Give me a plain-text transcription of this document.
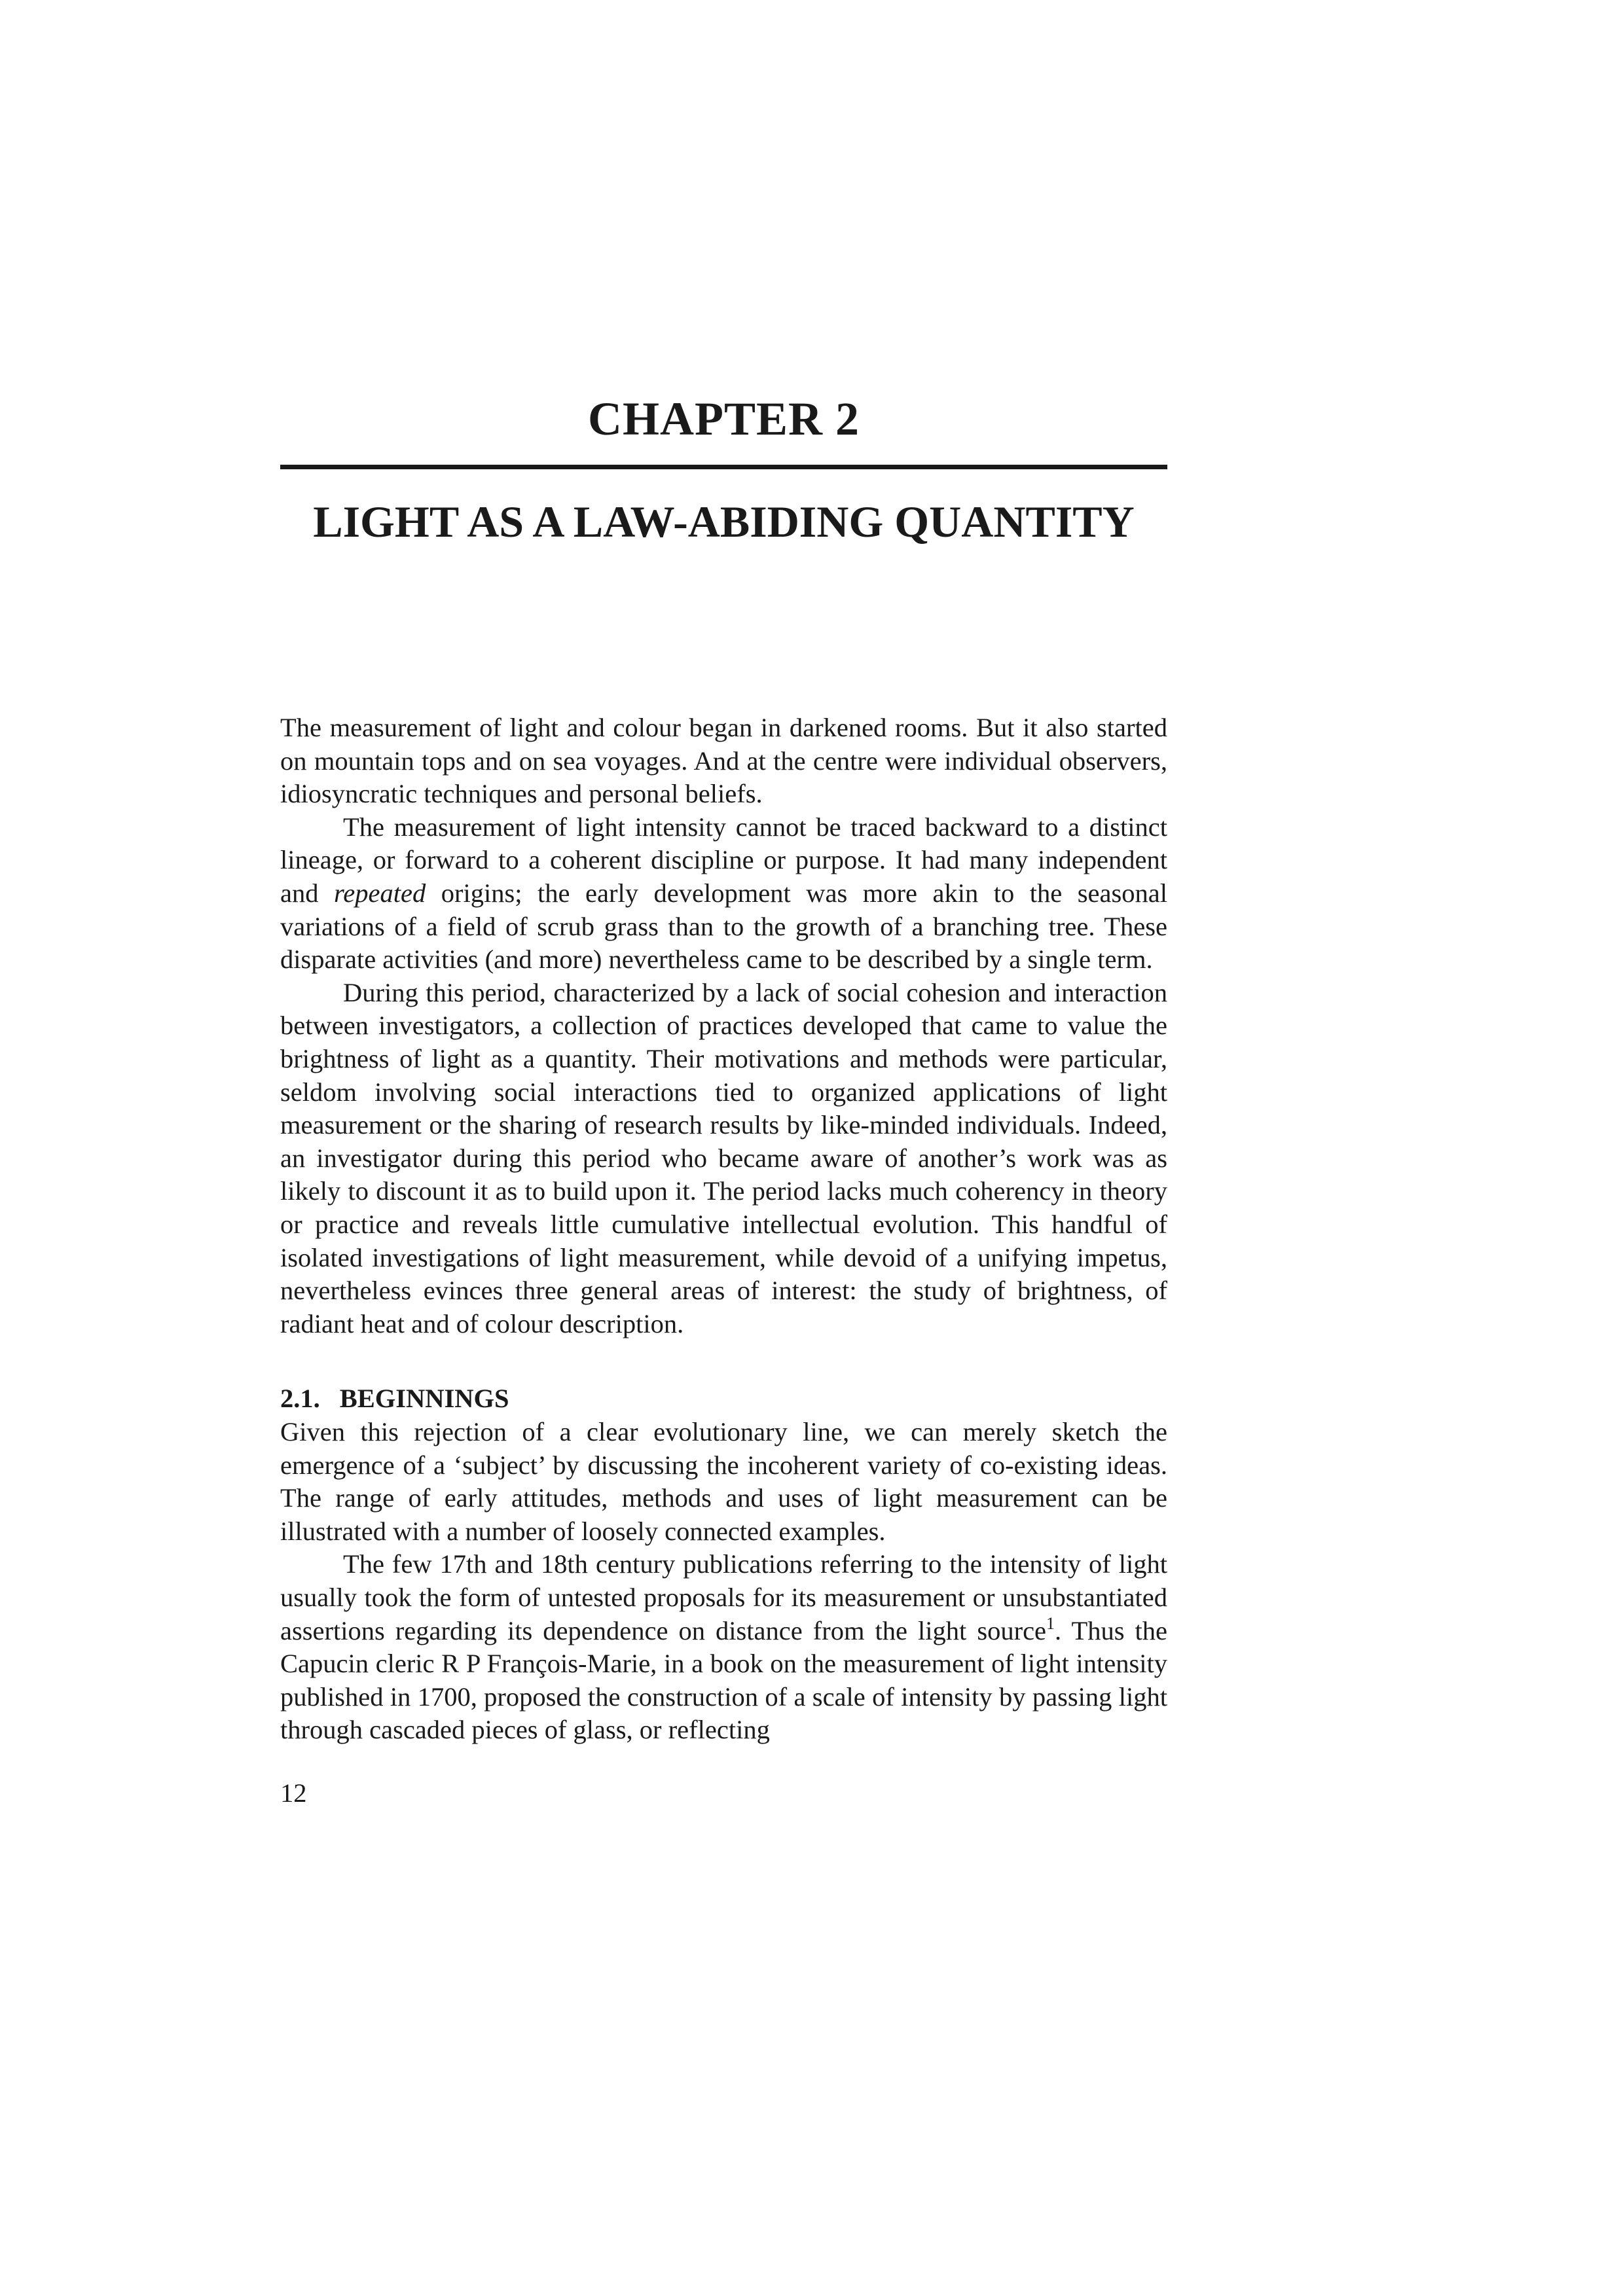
CHAPTER 2
LIGHT AS A LAW-ABIDING QUANTITY

The measurement of light and colour began in darkened rooms. But it also started on mountain tops and on sea voyages. And at the centre were individual observers, idiosyncratic techniques and personal beliefs.

The measurement of light intensity cannot be traced backward to a distinct lineage, or forward to a coherent discipline or purpose. It had many independent and repeated origins; the early development was more akin to the seasonal variations of a field of scrub grass than to the growth of a branching tree. These disparate activities (and more) nevertheless came to be described by a single term.

During this period, characterized by a lack of social cohesion and interaction between investigators, a collection of practices developed that came to value the brightness of light as a quantity. Their motivations and methods were particular, seldom involving social interactions tied to organized applications of light measurement or the sharing of research results by like-minded individuals. Indeed, an investigator during this period who became aware of another’s work was as likely to discount it as to build upon it. The period lacks much coherency in theory or practice and reveals little cumulative intellectual evolution. This handful of isolated investigations of light measurement, while devoid of a unifying impetus, nevertheless evinces three general areas of interest: the study of brightness, of radiant heat and of colour description.

2.1. BEGINNINGS

Given this rejection of a clear evolutionary line, we can merely sketch the emergence of a ‘subject’ by discussing the incoherent variety of co-existing ideas. The range of early attitudes, methods and uses of light measurement can be illustrated with a number of loosely connected examples.

The few 17th and 18th century publications referring to the intensity of light usually took the form of untested proposals for its measurement or unsubstantiated assertions regarding its dependence on distance from the light source$^1$. Thus the Capucin cleric R P François-Marie, in a book on the measurement of light intensity published in 1700, proposed the construction of a scale of intensity by passing light through cascaded pieces of glass, or reflecting

12
